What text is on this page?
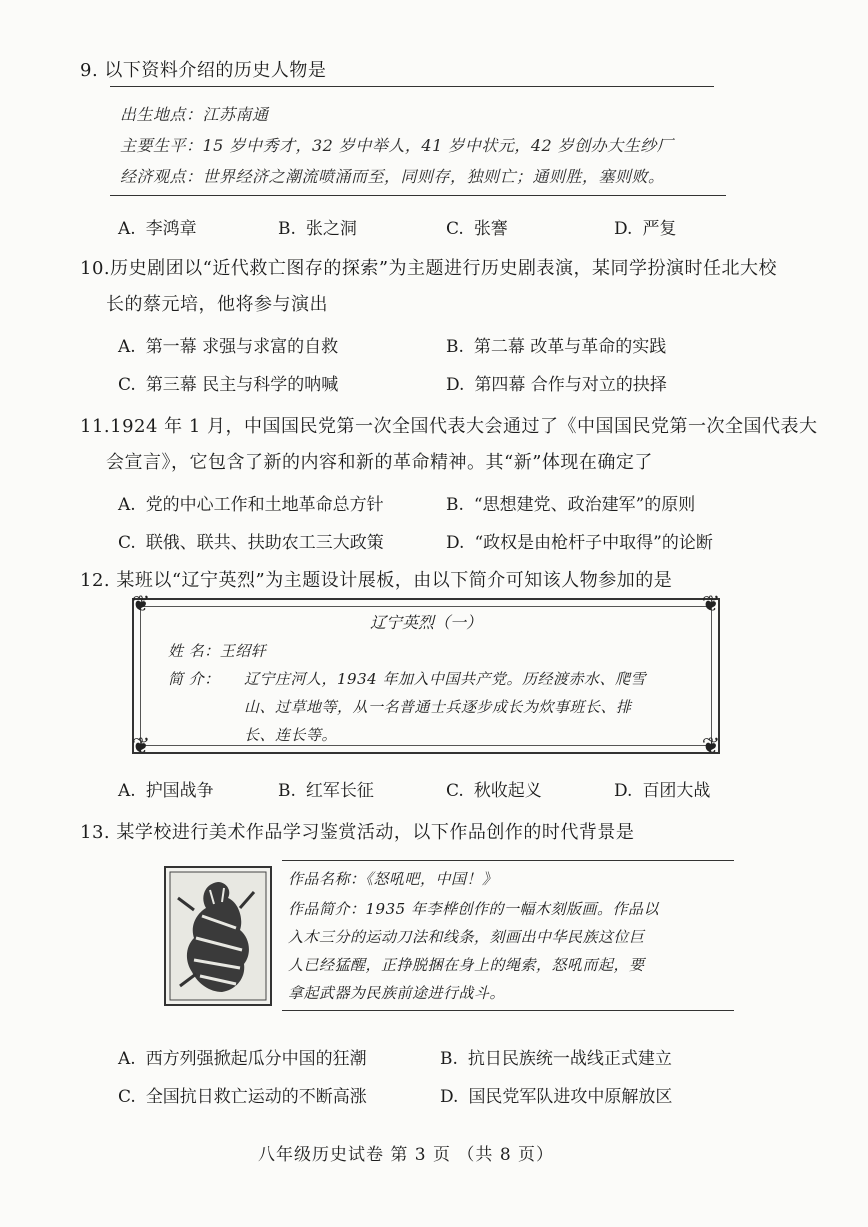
9. 以下资料介绍的历史人物是
出生地点：江苏南通
主要生平：15 岁中秀才，32 岁中举人，41 岁中状元，42 岁创办大生纱厂
经济观点：世界经济之潮流喷涌而至，同则存，独则亡；通则胜，塞则败。
A. 李鸿章	B. 张之洞	C. 张謇	D. 严复
10.历史剧团以“近代救亡图存的探索”为主题进行历史剧表演，某同学扮演时任北大校
长的蔡元培，他将参与演出
A. 第一幕 求强与求富的自救	B. 第二幕 改革与革命的实践
C. 第三幕 民主与科学的呐喊	D. 第四幕 合作与对立的抉择
11.1924 年 1 月，中国国民党第一次全国代表大会通过了《中国国民党第一次全国代表大
会宣言》，它包含了新的内容和新的革命精神。其“新”体现在确定了
A. 党的中心工作和土地革命总方针	B. “思想建党、政治建军”的原则
C. 联俄、联共、扶助农工三大政策	D. “政权是由枪杆子中取得”的论断
12. 某班以“辽宁英烈”为主题设计展板，由以下简介可知该人物参加的是
❦	❦
❦	❦
辽宁英烈（一）
姓 名：王绍轩
简 介： 辽宁庄河人，1934 年加入中国共产党。历经渡赤水、爬雪
山、过草地等，从一名普通士兵逐步成长为炊事班长、排
长、连长等。
A. 护国战争	B. 红军长征	C. 秋收起义	D. 百团大战
13. 某学校进行美术作品学习鉴赏活动，以下作品创作的时代背景是
作品名称：《怒吼吧，中国！》
作品简介：1935 年李桦创作的一幅木刻版画。作品以
入木三分的运动刀法和线条，刻画出中华民族这位巨
人已经猛醒，正挣脱捆在身上的绳索，怒吼而起，要
拿起武器为民族前途进行战斗。
A. 西方列强掀起瓜分中国的狂潮	B. 抗日民族统一战线正式建立
C. 全国抗日救亡运动的不断高涨	D. 国民党军队进攻中原解放区
八年级历史试卷 第 3 页 （共 8 页）
